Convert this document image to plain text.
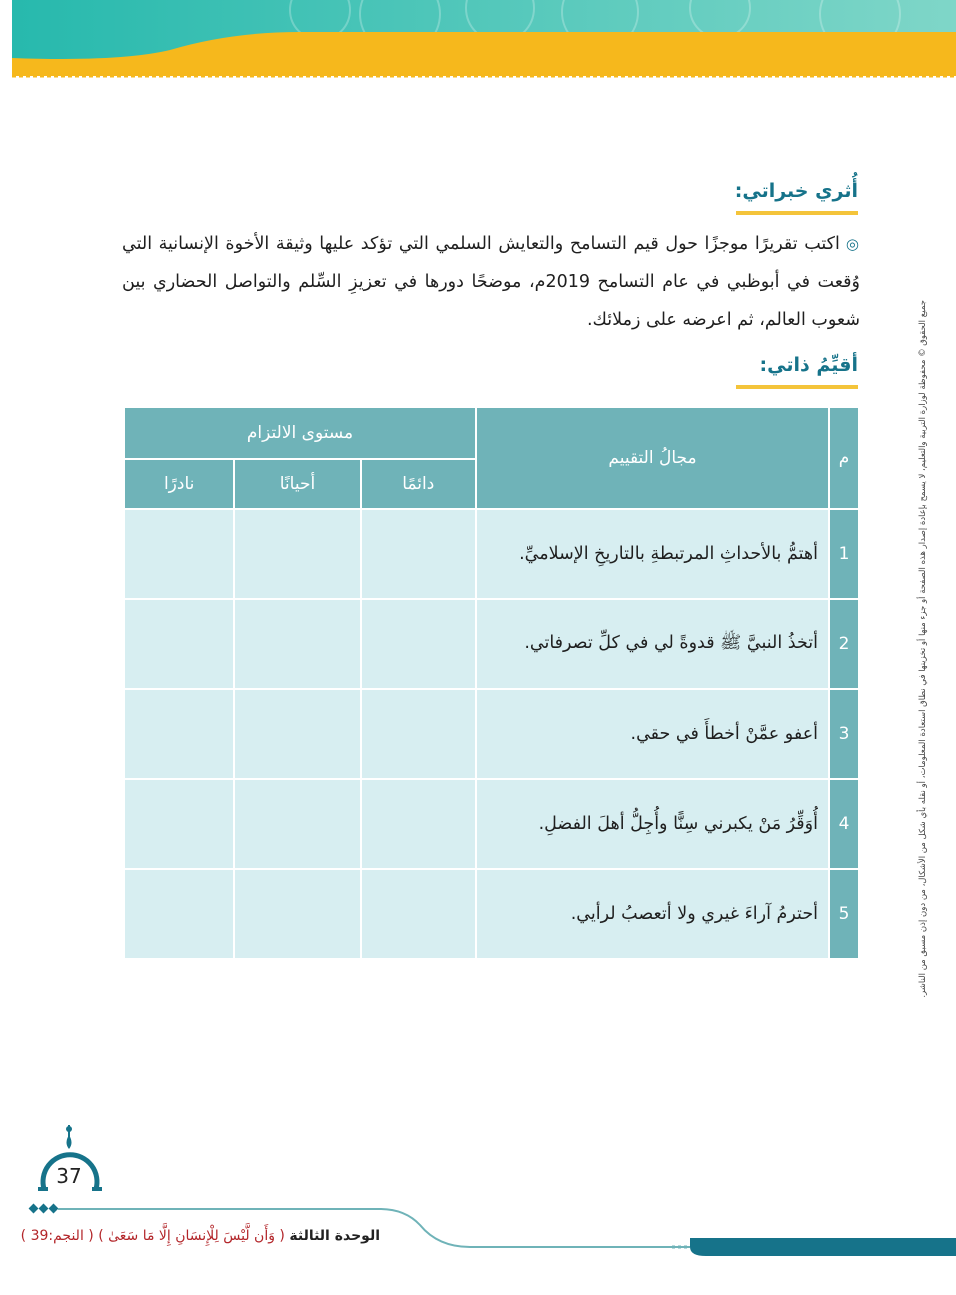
أُثري خبراتي:
◎اكتب تقريرًا موجزًا حول قيم التسامح والتعايش السلمي التي تؤكد عليها وثيقة الأخوة الإنسانية التي وُقعت في أبوظبي في عام التسامح 2019م، موضحًا دورها في تعزيزِ السِّلم والتواصل الحضاري بين شعوب العالم، ثم اعرضه على زملائك.
أقيِّمُ ذاتي:
م	مجالُ التقييم	مستوى الالتزام		
		دائمًا	أحيانًا	نادرًا
1	أهتمُّ بالأحداثِ المرتبطةِ بالتاريخِ الإسلاميِّ.			
2	أتخذُ النبيَّ ﷺ قدوةً لي في كلِّ تصرفاتي.			
3	أعفو عمَّنْ أخطأَ في حقي.			
4	أُوَقِّرُ مَنْ يكبرني سِنًّا وأُجِلُّ أهلَ الفضلِ.			
5	أحترمُ آراءَ غيري ولا أتعصبُ لرأيي.				جميع الحقوق © محفوظة لوزارة التربية والتعليم، لا يسمح بإعادة إصدار هذه الصفحة أو جزء منها أو تخزينها في نطاق استعادة المعلومات، أو نقله بأي شكل من الأشكال، من دون إذن مسبق من الناشر.
37
الوحدة الثالثة ( وَأَن لَّيْسَ لِلْإِنسَانِ إِلَّا مَا سَعَىٰ ) ( النجم:39 )
